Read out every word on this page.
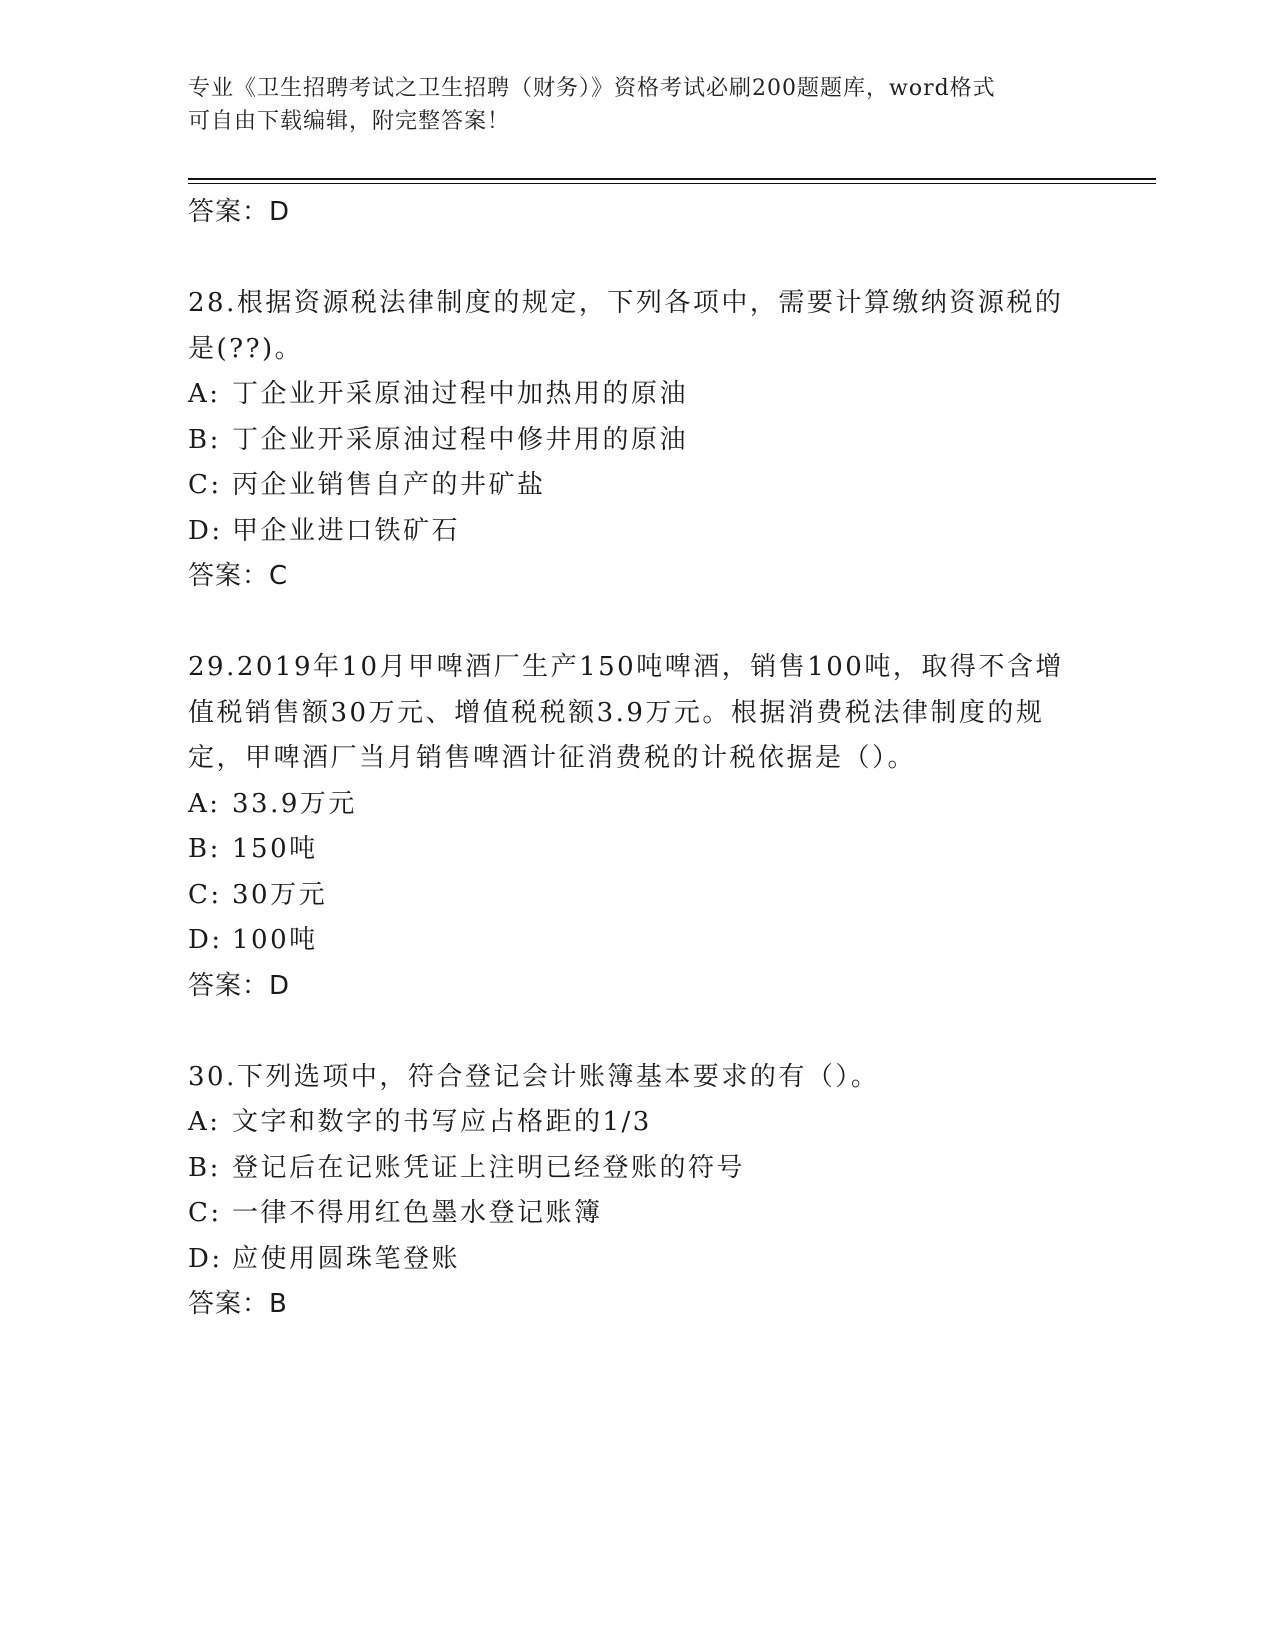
专业《卫生招聘考试之卫生招聘（财务）》资格考试必刷200题题库，word格式
可自由下载编辑，附完整答案！
答案：D
28.根据资源税法律制度的规定，下列各项中，需要计算缴纳资源税的
是(??)。
A: 丁企业开采原油过程中加热用的原油
B: 丁企业开采原油过程中修井用的原油
C: 丙企业销售自产的井矿盐
D: 甲企业进口铁矿石
答案：C
29.2019年10月甲啤酒厂生产150吨啤酒，销售100吨，取得不含增
值税销售额30万元、增值税税额3.9万元。根据消费税法律制度的规
定，甲啤酒厂当月销售啤酒计征消费税的计税依据是（）。
A: 33.9万元
B: 150吨
C: 30万元
D: 100吨
答案：D
30.下列选项中，符合登记会计账簿基本要求的有（）。
A: 文字和数字的书写应占格距的1/3
B: 登记后在记账凭证上注明已经登账的符号
C: 一律不得用红色墨水登记账簿
D: 应使用圆珠笔登账
答案：B
